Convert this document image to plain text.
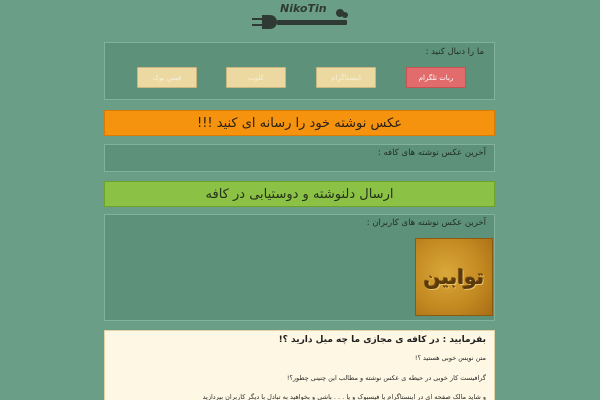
NikoTin
ما را دنبال کنید :
ربات تلگرام
اینستاگرام
کلوب
فیس بوک
عکس نوشته خود را رسانه ای کنید !!!
آخرین عکس نوشته های کافه :
ارسال دلنوشته و دوستیابی در کافه
آخرین عکس نوشته های کاربران :
توابین
بفرمایید : در کافه ی مجازی ما چه میل دارید ؟!
متن نویس خوبی هستید ؟!
گرافیست کار خوبی در حیطه ی عکس نوشته و مطالب این چنینی چطور؟!
و شاید مالک صفحه ای در اینستاگرام یا فیسبوک و یا . . . باشی و بخواهید به تبادل با دیگر کاربران بپردازید
